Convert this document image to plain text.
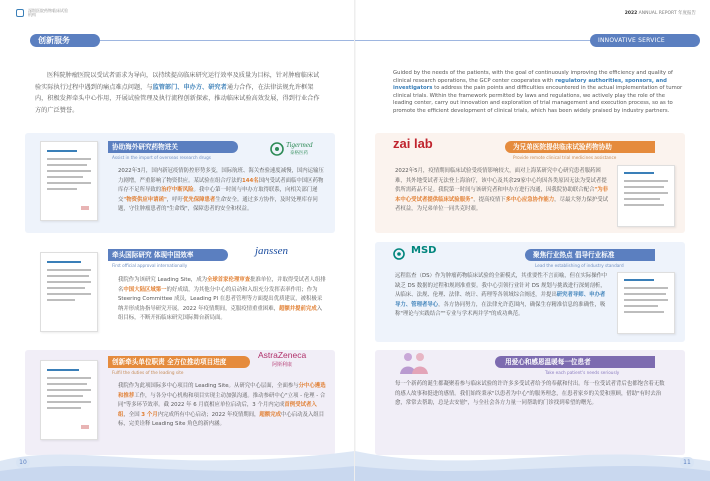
深圳医院药物临床试验机构
创新服务

医科院肿瘤医院以受试者需求为导向，以持续提高临床研究运行效率及质量为目标，针对肿瘤临床试验实际执行过程中遇到的痛点难点问题，与监管部门、申办方、研究者通力合作，在法律法规允许框架内，积极发挥牵头中心作用，开展试验管理及执行流程创新探索，推动临床试验高效发展，得到行业合作方的广泛赞誉。

协助海外研究药物进关
Assist in the import of overseas research drugs
Tigermed
泰格医药

2022年3月，国内新冠疫情防控形势多变，国际航班、海关查验速度减慢，国内运输压力剧增，严重影响了物资供应。某试验在组合疗法的144名国内受试者面临中国区药物库存不足所导致的治疗中断风险。我中心第一时间与申办方取得联系，向相关部门递交"物资供应申请函"，呼吁优先保障患者生命安全。通过多方协作，及时处理库存问题，守住肿瘤患者的"生命线"，保障患者的安全和权益。

牵头国际研究 体现中国效率
First official approval internationally
janssen

我院作为该研究 Leading Site，成为全球首家伦理审查批准单位，并取得受试者人组排名中国大陆区域第一的好成绩，为其他分中心的启动和入组充分发挥表率作用；作为 Steering Committee 成员，Leading PI 在患者管理等方面提出优质建议，被积极采纳并形成协指导研究开展。2022 年疫情期间，克服疫情重重困难，超额并提前完成入组目标，不断开拓临床研究国际舞台新局面。

创新牵头单位职责 全方位推动项目进度
Fulfil the duties of the leading site
AstraZeneca
阿斯利康

我院作为此项国际多中心项目的 Leading Site。从研究中心层面，全面参与分中心遴选和推荐工作，与各分中心机构和项目实现主动加强沟通。推动参研中心"立项 - 伦理 - 合同"等多环节效率。截 2022 年 6 月底相应单位启动后，3 个月内完成首例受试者入组，全国 3 个月内完成所有中心启动；2022 年疫情期间，超额完成中心启动及入组目标，完美诠释 Leading Site 角色的新内涵。

10
2022 ANNUAL REPORT 年度报告
INNOVATIVE SERVICE

Guided by the needs of the patients, with the goal of continuously improving the efficiency and quality of clinical research operations, the GCP center cooperates with regulatory authorities, sponsors, and investigators to address the pain points and difficulties encountered in the actual implementation of tumor clinical trials. Within the framework permitted by laws and regulations, we actively play the role of the leading center, carry out innovation and exploration of trial management and execution process, so as to promote the efficient development of clinical trials, which has been widely praised by industry partners.

zai lab	为兄弟医院提供临床试验药物协助
Provide remote clinical trial medicines assistance

2022年5月，疫情期间临床试验受疫情影响较大，面对上海某研究中心研究患者服药困难，其外地受试者无法登上海治疗，该中心及其余29家中心均因各类原因无法为受试者提供所需药品不足。我院第一时间与该研究者和申办方进行沟通，因我院协助联合配合"为非本中心受试者提供临床试验服务"，提高疫情下多中心应急协作能力，尽最大努力保护受试者权益，为兄弟单位一同共克时艰。

MSD	聚焦行业热点 倡导行业标准
Lead the establishing of industry standard

远程监查（DS）作为肿瘤药物临床试验的全新模式，其重要性不言而喻，但在实际操作中缺乏 DS 数据的过程和规则准重要。我中心引领行业针对 DS 规划与挑战进行深刻剖析，从临床、法规、伦理、法律、统计、药理等各领域综合阐述，并提出研究者导师、申办者导力、管理者导心，各方协同努力，在法律允许范围内，确保生存精准信息的准确性，吸称"理论与实践结合""专业与学术两并学"的成功典范。

用爱心和感恩温暖每一位患者
Take each patient's needs seriously

每一个新药的诞生都凝聚着参与临床试验的许许多多受试者给予的奉献和付出。每一位受试者背后也都饱含着无数的感人故事和挺进的感情。我们始终秉承"以患者为中心"的服务理念，在患者家乡的关爱和照顾，借助"有时去治愈，常常去帮助，总是去安慰"，与全社会各方力量一同帮助的门诊找到希望的曙光。

11
